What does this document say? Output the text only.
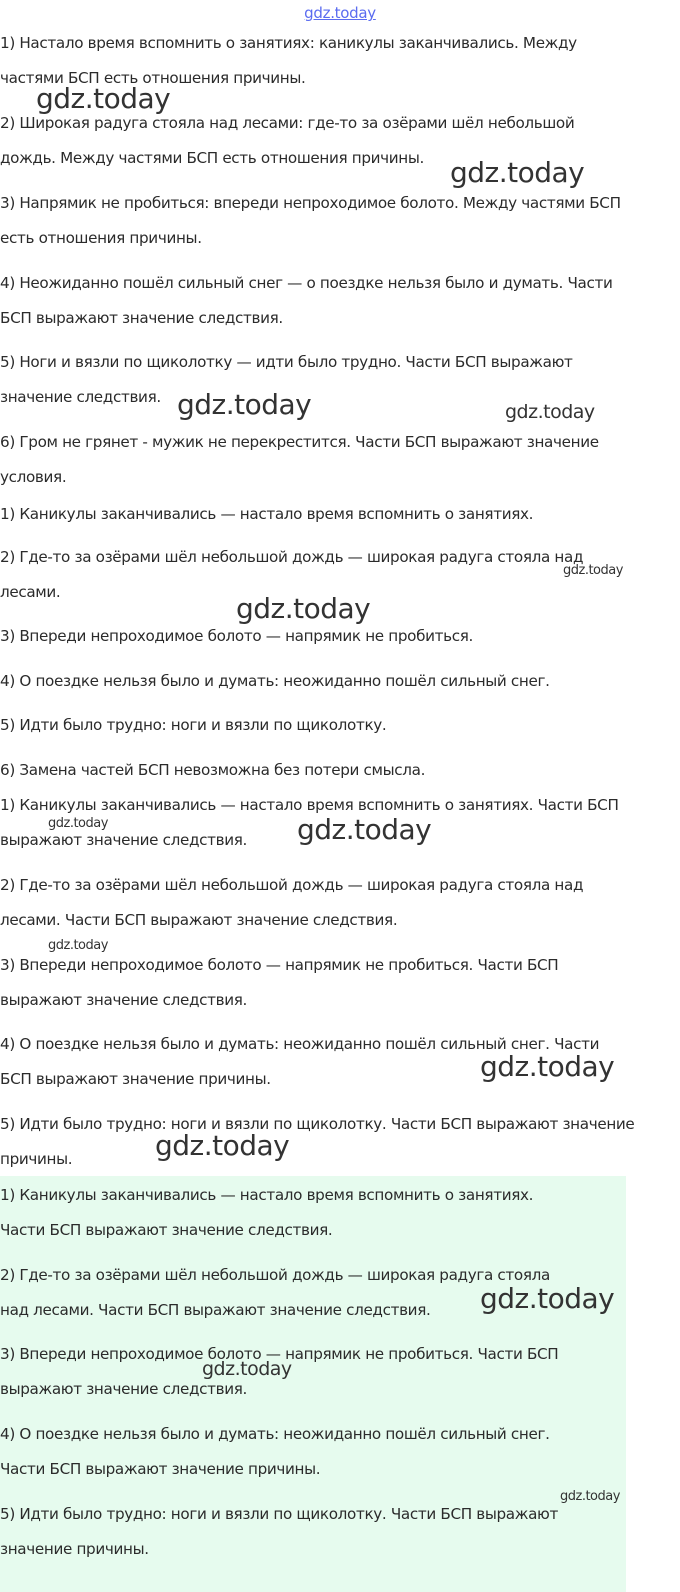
gdz.today
1) Настало время вспомнить о занятиях: каникулы заканчивались. Между
частями БСП есть отношения причины.
2) Широкая радуга стояла над лесами: где-то за озёрами шёл небольшой
дождь. Между частями БСП есть отношения причины.
3) Напрямик не пробиться: впереди непроходимое болото. Между частями БСП
есть отношения причины.
4) Неожиданно пошёл сильный снег — о поездке нельзя было и думать. Части
БСП выражают значение следствия.
5) Ноги и вязли по щиколотку — идти было трудно. Части БСП выражают
значение следствия.
6) Гром не грянет - мужик не перекрестится. Части БСП выражают значение
условия.
1) Каникулы заканчивались — настало время вспомнить о занятиях.
2) Где-то за озёрами шёл небольшой дождь — широкая радуга стояла над
лесами.
3) Впереди непроходимое болото — напрямик не пробиться.
4) О поездке нельзя было и думать: неожиданно пошёл сильный снег.
5) Идти было трудно: ноги и вязли по щиколотку.
6) Замена частей БСП невозможна без потери смысла.
1) Каникулы заканчивались — настало время вспомнить о занятиях. Части БСП
выражают значение следствия.
2) Где-то за озёрами шёл небольшой дождь — широкая радуга стояла над
лесами. Части БСП выражают значение следствия.
3) Впереди непроходимое болото — напрямик не пробиться. Части БСП
выражают значение следствия.
4) О поездке нельзя было и думать: неожиданно пошёл сильный снег. Части
БСП выражают значение причины.
5) Идти было трудно: ноги и вязли по щиколотку. Части БСП выражают значение
причины.
1) Каникулы заканчивались — настало время вспомнить о занятиях.
Части БСП выражают значение следствия.
2) Где-то за озёрами шёл небольшой дождь — широкая радуга стояла
над лесами. Части БСП выражают значение следствия.
3) Впереди непроходимое болото — напрямик не пробиться. Части БСП
выражают значение следствия.
4) О поездке нельзя было и думать: неожиданно пошёл сильный снег.
Части БСП выражают значение причины.
5) Идти было трудно: ноги и вязли по щиколотку. Части БСП выражают
значение причины.
gdz.today
gdz.today
gdz.today	gdz.today
gdz.today
gdz.today
gdz.today	gdz.today
gdz.today
gdz.today
gdz.today
gdz.today
gdz.today
gdz.today
